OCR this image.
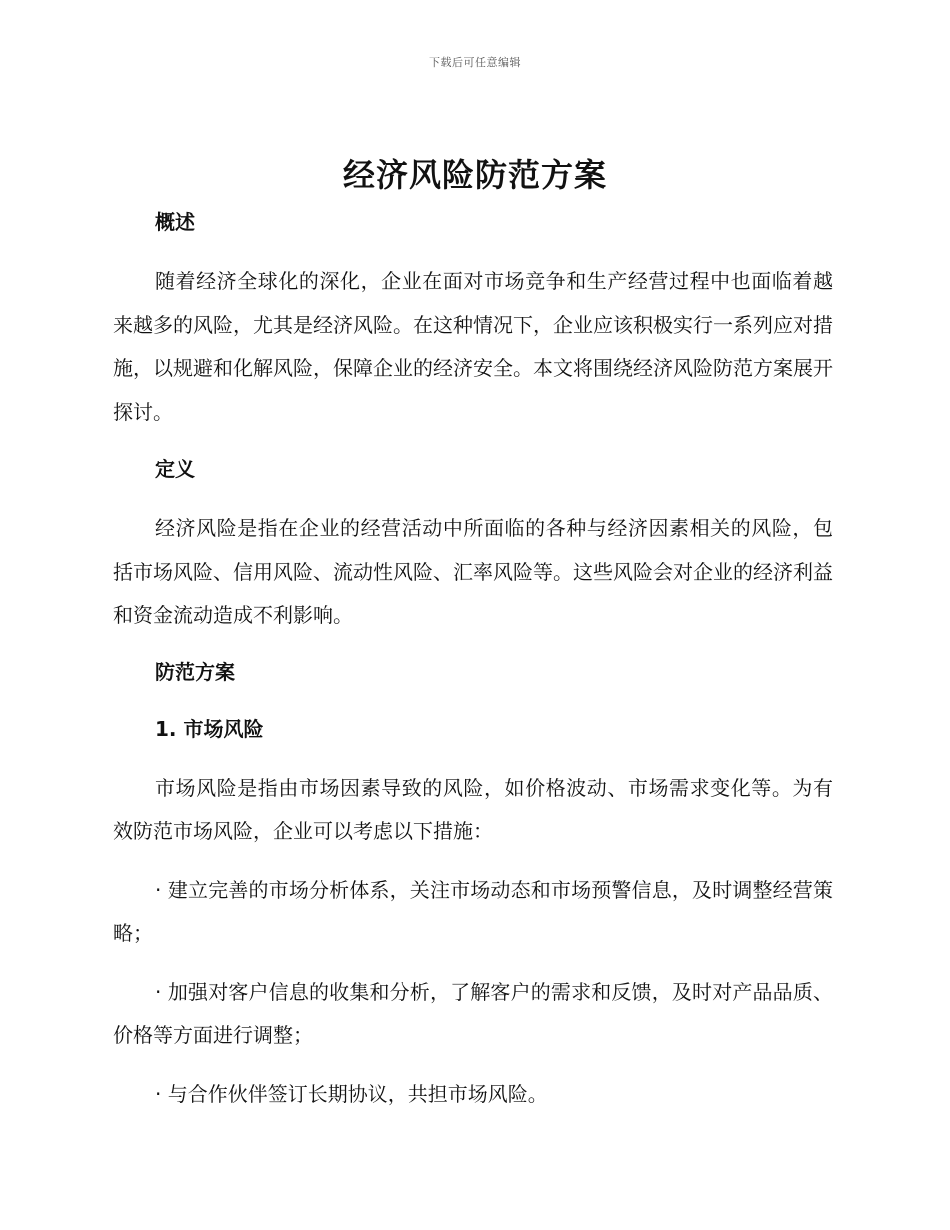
下载后可任意编辑
经济风险防范方案
概述

随着经济全球化的深化，企业在面对市场竞争和生产经营过程中也面临着越来越多的风险，尤其是经济风险。在这种情况下，企业应该积极实行一系列应对措施，以规避和化解风险，保障企业的经济安全。本文将围绕经济风险防范方案展开探讨。

定义

经济风险是指在企业的经营活动中所面临的各种与经济因素相关的风险，包括市场风险、信用风险、流动性风险、汇率风险等。这些风险会对企业的经济利益和资金流动造成不利影响。

防范方案
1. 市场风险

市场风险是指由市场因素导致的风险，如价格波动、市场需求变化等。为有效防范市场风险，企业可以考虑以下措施：

· 建立完善的市场分析体系，关注市场动态和市场预警信息，及时调整经营策略；

· 加强对客户信息的收集和分析，了解客户的需求和反馈，及时对产品品质、价格等方面进行调整；

· 与合作伙伴签订长期协议，共担市场风险。
